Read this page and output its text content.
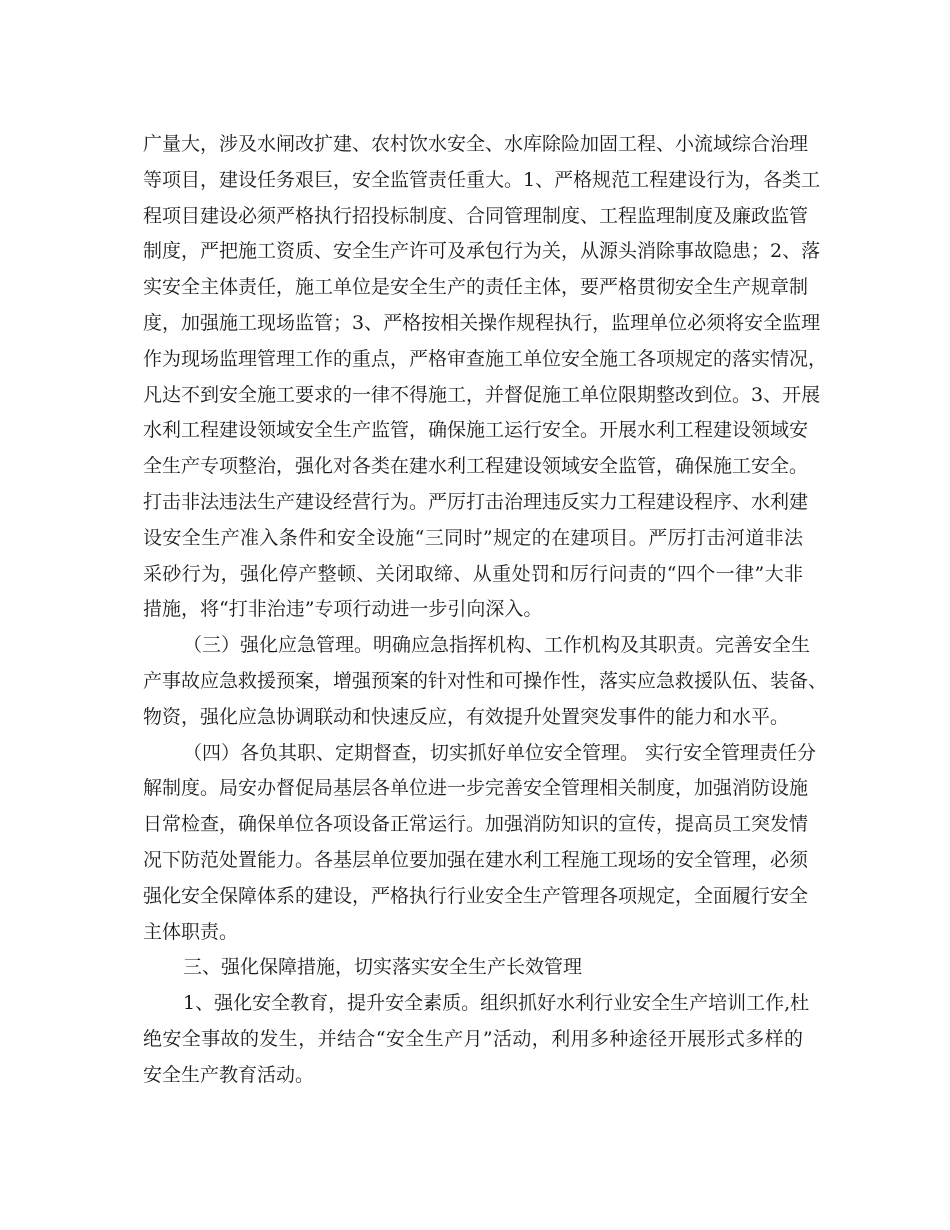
广量大，涉及水闸改扩建、农村饮水安全、水库除险加固工程、小流域综合治理
等项目，建设任务艰巨，安全监管责任重大。1、严格规范工程建设行为，各类工
程项目建设必须严格执行招投标制度、合同管理制度、工程监理制度及廉政监管
制度，严把施工资质、安全生产许可及承包行为关，从源头消除事故隐患；2、落
实安全主体责任，施工单位是安全生产的责任主体，要严格贯彻安全生产规章制
度，加强施工现场监管；3、严格按相关操作规程执行，监理单位必须将安全监理
作为现场监理管理工作的重点，严格审查施工单位安全施工各项规定的落实情况，
凡达不到安全施工要求的一律不得施工，并督促施工单位限期整改到位。3、开展
水利工程建设领域安全生产监管，确保施工运行安全。开展水利工程建设领域安
全生产专项整治，强化对各类在建水利工程建设领域安全监管，确保施工安全。
打击非法违法生产建设经营行为。严厉打击治理违反实力工程建设程序、水利建
设安全生产准入条件和安全设施“三同时”规定的在建项目。严厉打击河道非法
采砂行为，强化停产整顿、关闭取缔、从重处罚和厉行问责的“四个一律”大非
措施，将“打非治违”专项行动进一步引向深入。
（三）强化应急管理。明确应急指挥机构、工作机构及其职责。完善安全生
产事故应急救援预案，增强预案的针对性和可操作性，落实应急救援队伍、装备、
物资，强化应急协调联动和快速反应，有效提升处置突发事件的能力和水平。
（四）各负其职、定期督查，切实抓好单位安全管理。 实行安全管理责任分
解制度。局安办督促局基层各单位进一步完善安全管理相关制度，加强消防设施
日常检查，确保单位各项设备正常运行。加强消防知识的宣传，提高员工突发情
况下防范处置能力。各基层单位要加强在建水利工程施工现场的安全管理，必须
强化安全保障体系的建设，严格执行行业安全生产管理各项规定，全面履行安全
主体职责。
三、强化保障措施，切实落实安全生产长效管理
1、强化安全教育，提升安全素质。组织抓好水利行业安全生产培训工作,杜
绝安全事故的发生，并结合“安全生产月”活动，利用多种途径开展形式多样的
安全生产教育活动。
